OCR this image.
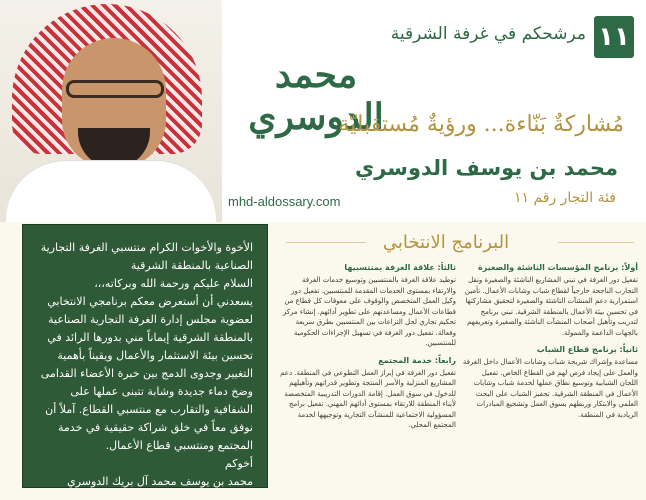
١١
مرشحكم في غرفة الشرقية
محمد الدوسري
مُشاركةٌ بَنّاءة... ورؤيةٌ مُستقبليّة
محمد بن يوسف الدوسري
فئة التجار رقم ١١
mhd-aldossary.com

الأخوة والأخوات الكرام منتسبي الغرفة التجارية الصناعية بالمنطقة الشرقية

السلام عليكم ورحمة الله وبركاته،،،

يسعدني أن أستعرض معكم برنامجي الانتخابي لعضوية مجلس إدارة الغرفة التجارية الصناعية بالمنطقة الشرقية إيماناً مني بدورها الرائد في تحسين بيئة الاستثمار والأعمال ويقيناً بأهمية التغيير وجدوى الدمج بين خبرة الأعضاء القدامى وضخ دماء جديدة وشابة تتبنى عملها على الشفافية والتقارب مع منتسبي القطاع. آملاً أن نوفق معاً في خلق شراكة حقيقية في خدمة المجتمع ومنتسبي قطاع الأعمال.

أخوكم

محمد بن يوسف محمد آل بريك الدوسري

البرنامج الانتخابي
أولاً: برنامج المؤسسات الناشئة والصغيرة
تفعيل دور الغرفة في تبني المشاريع الناشئة والصغيرة ونقل التجارب الناجحة خارجياً لقطاع شباب وشابات الأعمال. تأمين استمرارية دعم المنشآت الناشئة والصغيرة لتحقيق مشاركتها في تحسين بيئة الأعمال بالمنطقة الشرقية. تبني برنامج لتدريب وتأهيل أصحاب المنشآت الناشئة والصغيرة وتعريفهم بالجهات الداعمة والممولة.
ثانياً: برنامج قطاع الشباب
مساعدة وإشراك شريحة شباب وشابات الأعمال داخل الغرفة والعمل على إيجاد فرص لهم في القطاع الخاص. تفعيل اللجان الشبابية وتوسيع نطاق عملها لخدمة شباب وشابات الأعمال في المنطقة الشرقية. تحفيز الشباب على البحث العلمي والابتكار وربطهم بسوق العمل وتشجيع المبادرات الريادية في المنطقة.
ثالثاً: علاقة الغرفة بمنتسبيها
توطيد علاقة الغرفة بالمنتسبين وتوسيع خدمات الغرفة والارتقاء بمستوى الخدمات المقدمة للمنتسبين. تفعيل دور وكيل العمل المتخصص والوقوف على معوقات كل قطاع من قطاعات الأعمال ومساعدتهم على تطوير أدائهم. إنشاء مركز تحكيم تجاري لحل النزاعات بين المنتسبين بطرق سريعة وفعالة. تفعيل دور الغرفة في تسهيل الإجراءات الحكومية للمنتسبين.
رابعاً: خدمة المجتمع
تفعيل دور الغرفة في إبراز العمل التطوعي في المنطقة. دعم المشاريع المنزلية والأسر المنتجة وتطوير قدراتهم وتأهيلهم للدخول في سوق العمل. إقامة الدورات التدريبية المتخصصة لأبناء المنطقة للارتقاء بمستوى أدائهم المهني. تفعيل برامج المسؤولية الاجتماعية للمنشآت التجارية وتوجيهها لخدمة المجتمع المحلي.
